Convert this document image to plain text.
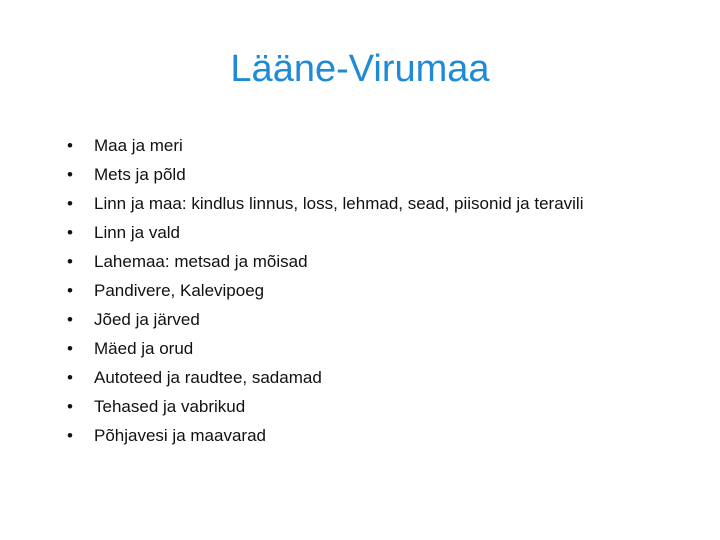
Lääne-Virumaa
•	Maa ja meri
•	Mets ja põld
•	Linn ja maa: kindlus linnus, loss, lehmad, sead, piisonid ja teravili
•	Linn ja vald
•	Lahemaa: metsad ja mõisad
•	Pandivere, Kalevipoeg
•	Jõed ja järved
•	Mäed ja orud
•	Autoteed ja raudtee, sadamad
•	Tehased ja vabrikud
•	Põhjavesi ja maavarad
